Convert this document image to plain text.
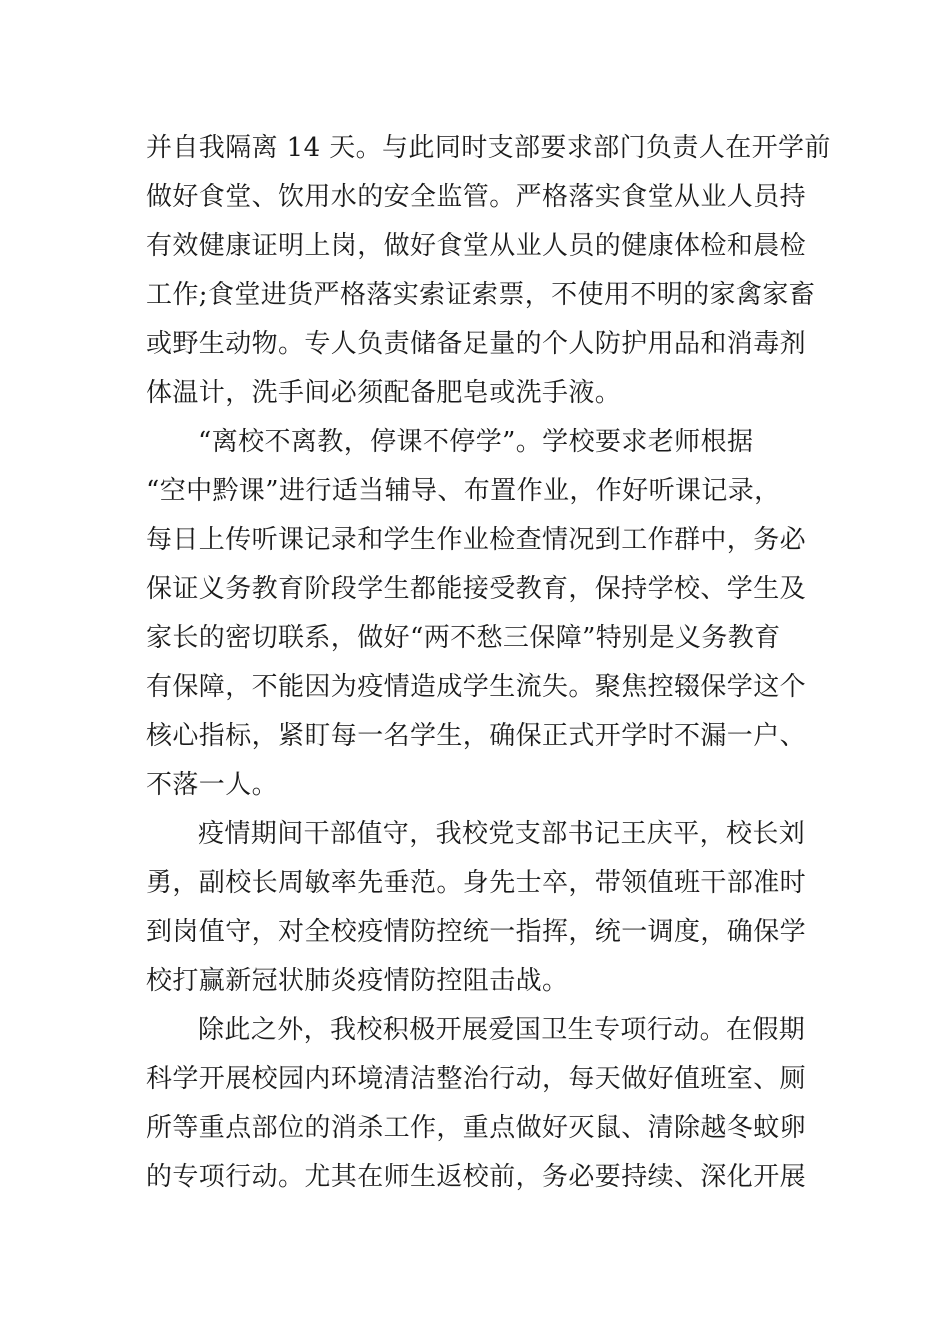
并自我隔离 14 天。与此同时支部要求部门负责人在开学前
做好食堂、饮用水的安全监管。严格落实食堂从业人员持
有效健康证明上岗，做好食堂从业人员的健康体检和晨检
工作;食堂进货严格落实索证索票，不使用不明的家禽家畜
或野生动物。专人负责储备足量的个人防护用品和消毒剂
体温计，洗手间必须配备肥皂或洗手液。
“离校不离教，停课不停学”。学校要求老师根据
“空中黔课”进行适当辅导、布置作业，作好听课记录，
每日上传听课记录和学生作业检查情况到工作群中，务必
保证义务教育阶段学生都能接受教育，保持学校、学生及
家长的密切联系，做好“两不愁三保障”特别是义务教育
有保障，不能因为疫情造成学生流失。聚焦控辍保学这个
核心指标，紧盯每一名学生，确保正式开学时不漏一户、
不落一人。
疫情期间干部值守，我校党支部书记王庆平，校长刘
勇，副校长周敏率先垂范。身先士卒，带领值班干部准时
到岗值守，对全校疫情防控统一指挥，统一调度，确保学
校打赢新冠状肺炎疫情防控阻击战。
除此之外，我校积极开展爱国卫生专项行动。在假期
科学开展校园内环境清洁整治行动，每天做好值班室、厕
所等重点部位的消杀工作，重点做好灭鼠、清除越冬蚊卵
的专项行动。尤其在师生返校前，务必要持续、深化开展
